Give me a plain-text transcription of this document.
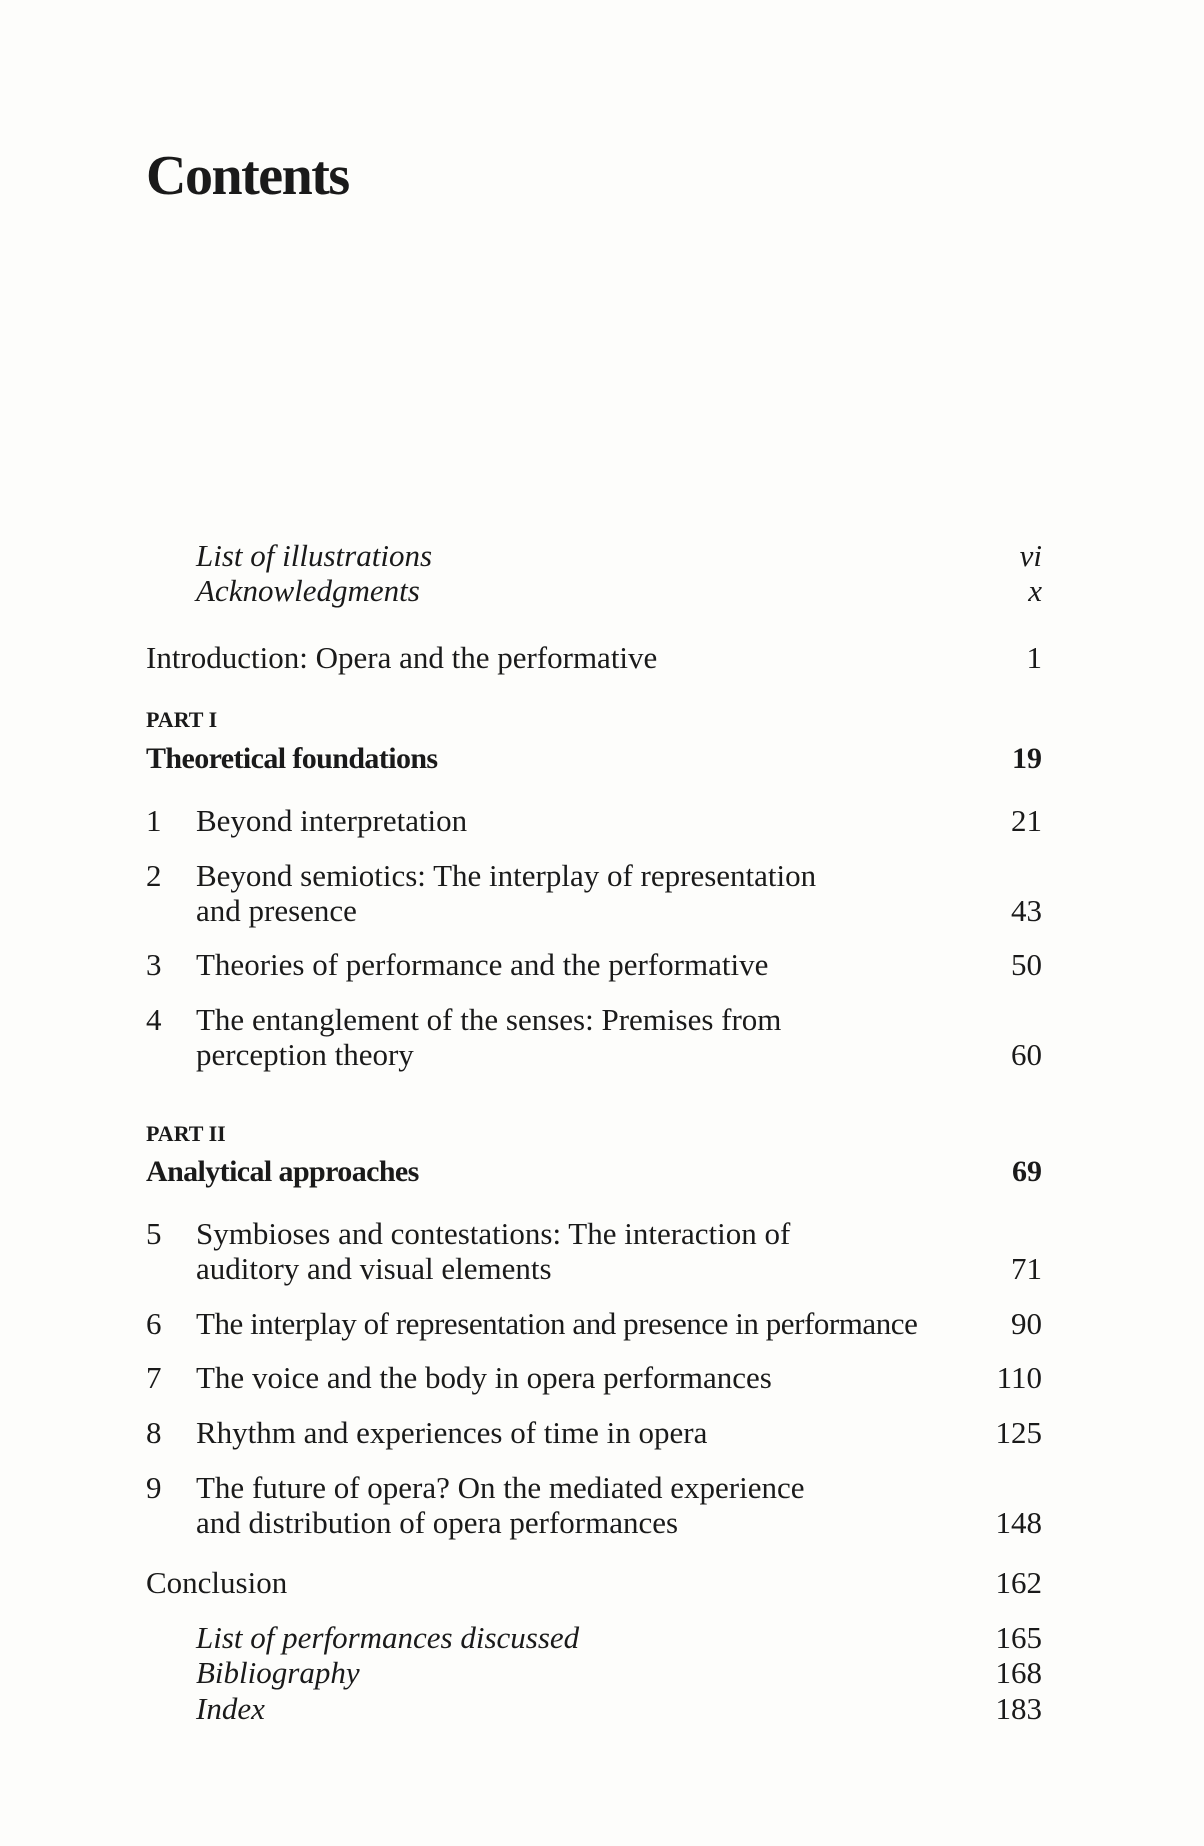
Contents
List of illustrations	vi
Acknowledgments	x
Introduction: Opera and the performative	1
PART I
Theoretical foundations	19
1 Beyond interpretation	21
2 Beyond semiotics: The interplay of representation
and presence	43
3 Theories of performance and the performative	50
4 The entanglement of the senses: Premises from
perception theory	60
PART II
Analytical approaches	69
5 Symbioses and contestations: The interaction of
auditory and visual elements	71
6 The interplay of representation and presence in performance	90
7 The voice and the body in opera performances	110
8 Rhythm and experiences of time in opera	125
9 The future of opera? On the mediated experience
and distribution of opera performances	148
Conclusion	162
List of performances discussed	165
Bibliography	168
Index	183
